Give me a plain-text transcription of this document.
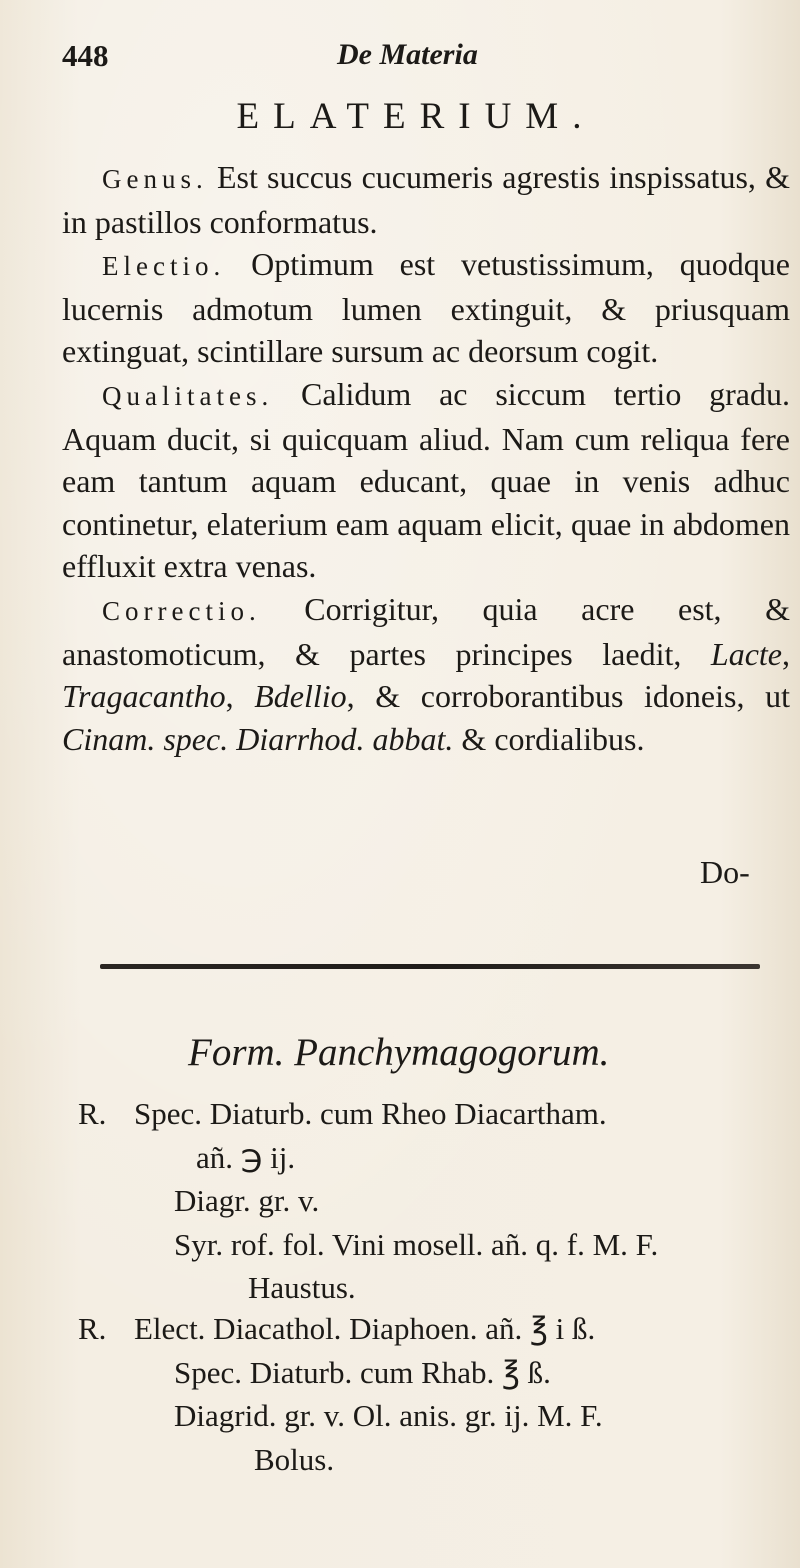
448	De Materia
ELATERIUM.

Genus. Est succus cucumeris agrestis inspissatus, & in pastillos conformatus.

Electio. Optimum est vetustissimum, quodque lucernis admotum lumen extinguit, & priusquam extinguat, scintillare sursum ac deorsum cogit.

Qualitates. Calidum ac siccum tertio gradu. Aquam ducit, si quicquam aliud. Nam cum reliqua fere eam tantum aquam educant, quae in venis adhuc continetur, elaterium eam aquam elicit, quae in abdomen effluxit extra venas.

Correctio. Corrigitur, quia acre est, & anastomoticum, & partes principes laedit, Lacte, Tragacantho, Bdellio, & corroborantibus idoneis, ut Cinam. spec. Diarrhod. abbat. & cordialibus.

Do-
Form. Panchymagogorum.
R. Spec. Diaturb. cum Rheo Diacartham.
añ. ℈ ij.
Diagr. gr. v.
Syr. rof. fol. Vini mosell. añ. q. f. M. F.
Haustus.
R. Elect. Diacathol. Diaphoen. añ. ℥ i ß.
Spec. Diaturb. cum Rhab. ℥ ß.
Diagrid. gr. v. Ol. anis. gr. ij. M. F.
Bolus.
